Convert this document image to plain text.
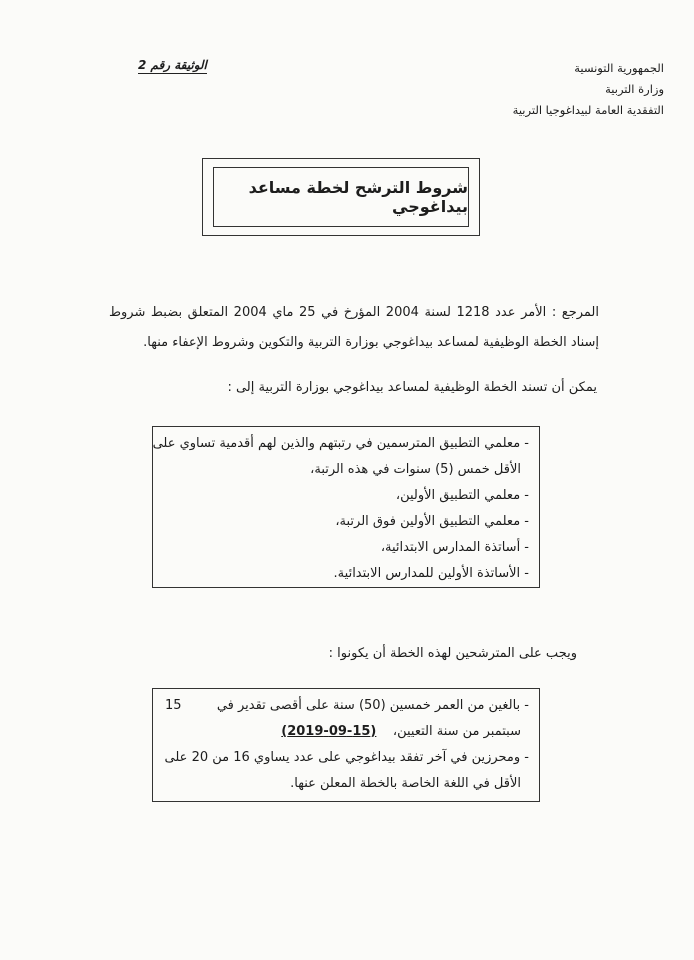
الجمهورية التونسية
وزارة التربية
التفقدية العامة لبيداغوجيا التربية
الوثيقة رقم 2
شروط الترشح لخطة مساعد بيداغوجي
المرجع : الأمر عدد 1218 لسنة 2004 المؤرخ في 25 ماي 2004 المتعلق بضبط شروط إسناد الخطة الوظيفية لمساعد بيداغوجي بوزارة التربية والتكوين وشروط الإعفاء منها.
يمكن أن تسند الخطة الوظيفية لمساعد بيداغوجي بوزارة التربية إلى :
- معلمي التطبيق المترسمين في رتبتهم والذين لهم أقدمية تساوي على
الأقل خمس (5) سنوات في هذه الرتبة،
- معلمي التطبيق الأولين،
- معلمي التطبيق الأولين فوق الرتبة،
- أساتذة المدارس الابتدائية،
- الأساتذة الأولين للمدارس الابتدائية.
ويجب على المترشحين لهذه الخطة أن يكونوا :
- بالغين من العمر خمسين (50) سنة على أقصى تقدير في
15
سبتمبر من سنة التعيين،    (15-09-2019)
- ومحرزين في آخر تفقد بيداغوجي على عدد يساوي 16 من 20 على
الأقل في اللغة الخاصة بالخطة المعلن عنها.
